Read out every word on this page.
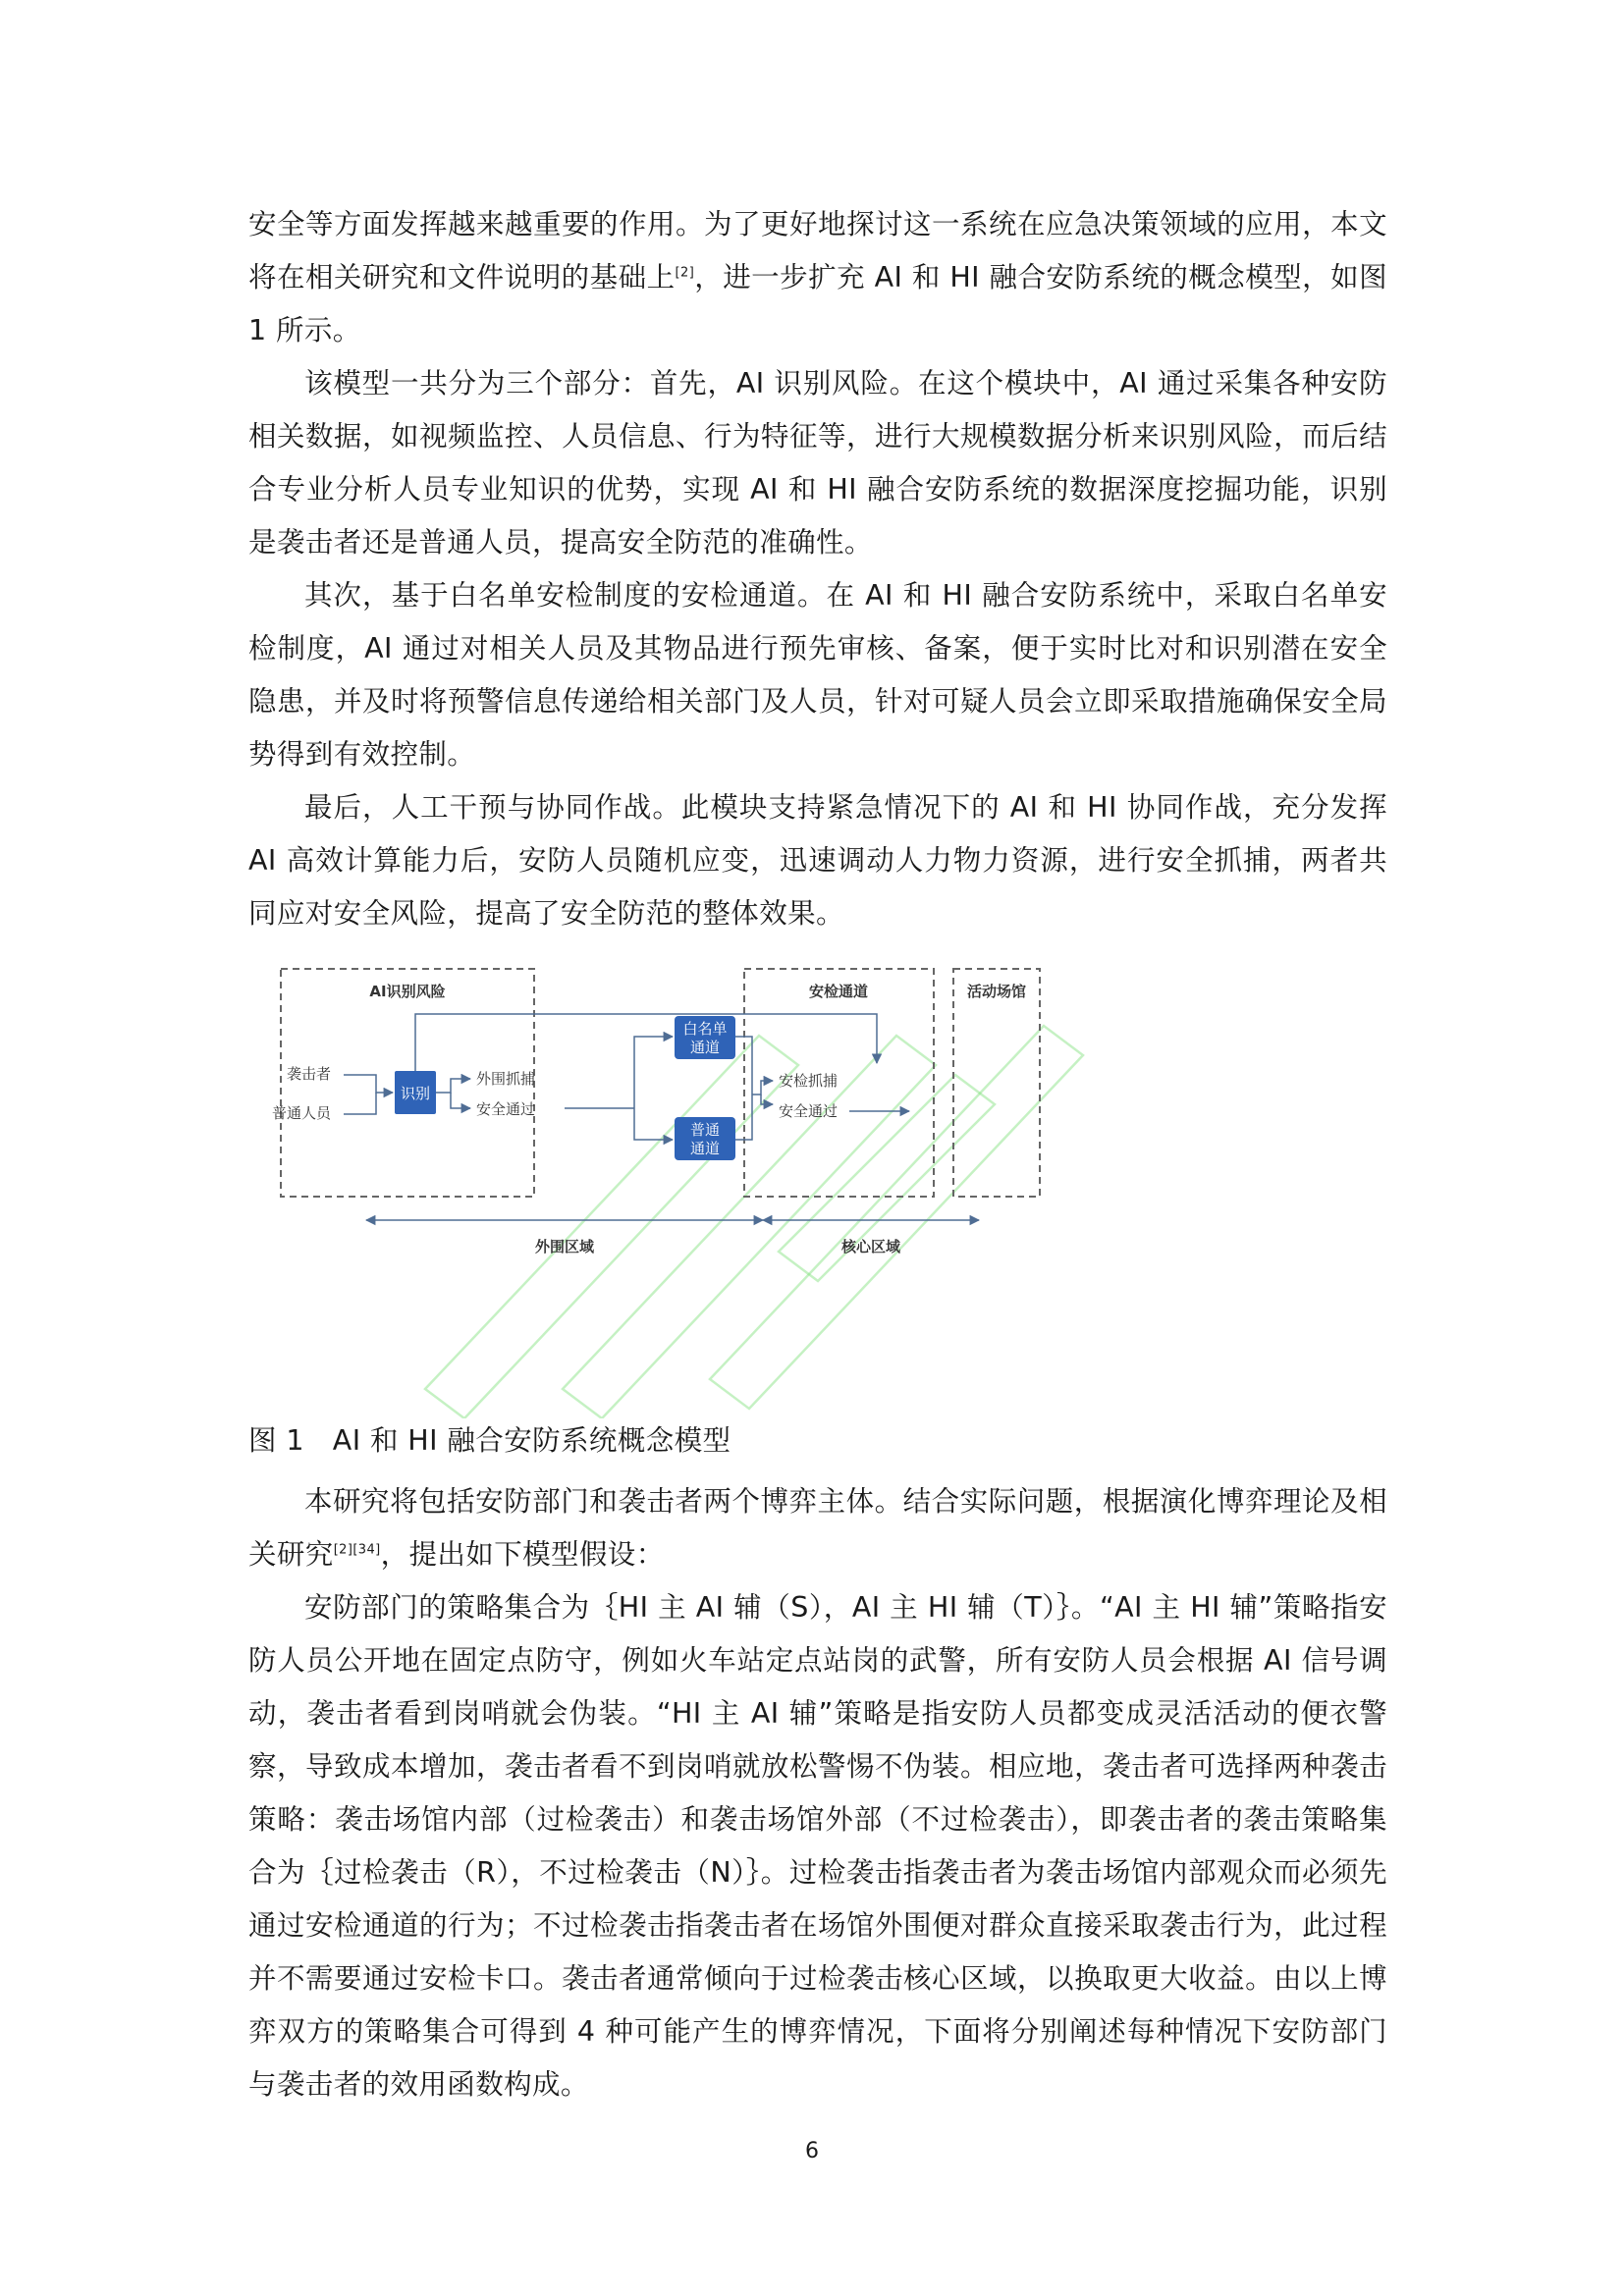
安全等方面发挥越来越重要的作用。为了更好地探讨这一系统在应急决策领域的应用，本文将在相关研究和文件说明的基础上[2]，进一步扩充 AI 和 HI 融合安防系统的概念模型，如图 1 所示。

该模型一共分为三个部分：首先，AI 识别风险。在这个模块中，AI 通过采集各种安防相关数据，如视频监控、人员信息、行为特征等，进行大规模数据分析来识别风险，而后结合专业分析人员专业知识的优势，实现 AI 和 HI 融合安防系统的数据深度挖掘功能，识别是袭击者还是普通人员，提高安全防范的准确性。

其次，基于白名单安检制度的安检通道。在 AI 和 HI 融合安防系统中，采取白名单安检制度，AI 通过对相关人员及其物品进行预先审核、备案，便于实时比对和识别潜在安全隐患，并及时将预警信息传递给相关部门及人员，针对可疑人员会立即采取措施确保安全局势得到有效控制。

最后，人工干预与协同作战。此模块支持紧急情况下的 AI 和 HI 协同作战，充分发挥 AI 高效计算能力后，安防人员随机应变，迅速调动人力物力资源，进行安全抓捕，两者共同应对安全风险，提高了安全防范的整体效果。

AI识别风险	安检通道	活动场馆
袭击者
普通人员
识别
外围抓捕
安全通过
白名单
通道
普通
通道
安检抓捕
安全通过
外围区域	核心区域
图 1　AI 和 HI 融合安防系统概念模型

本研究将包括安防部门和袭击者两个博弈主体。结合实际问题，根据演化博弈理论及相关研究[2][34]，提出如下模型假设：

安防部门的策略集合为｛HI 主 AI 辅（S），AI 主 HI 辅（T）｝。“AI 主 HI 辅”策略指安防人员公开地在固定点防守，例如火车站定点站岗的武警，所有安防人员会根据 AI 信号调动，袭击者看到岗哨就会伪装。“HI 主 AI 辅”策略是指安防人员都变成灵活活动的便衣警察，导致成本增加，袭击者看不到岗哨就放松警惕不伪装。相应地，袭击者可选择两种袭击策略：袭击场馆内部（过检袭击）和袭击场馆外部（不过检袭击），即袭击者的袭击策略集合为｛过检袭击（R），不过检袭击（N）｝。过检袭击指袭击者为袭击场馆内部观众而必须先通过安检通道的行为；不过检袭击指袭击者在场馆外围便对群众直接采取袭击行为，此过程并不需要通过安检卡口。袭击者通常倾向于过检袭击核心区域，以换取更大收益。由以上博弈双方的策略集合可得到 4 种可能产生的博弈情况，下面将分别阐述每种情况下安防部门与袭击者的效用函数构成。

6
